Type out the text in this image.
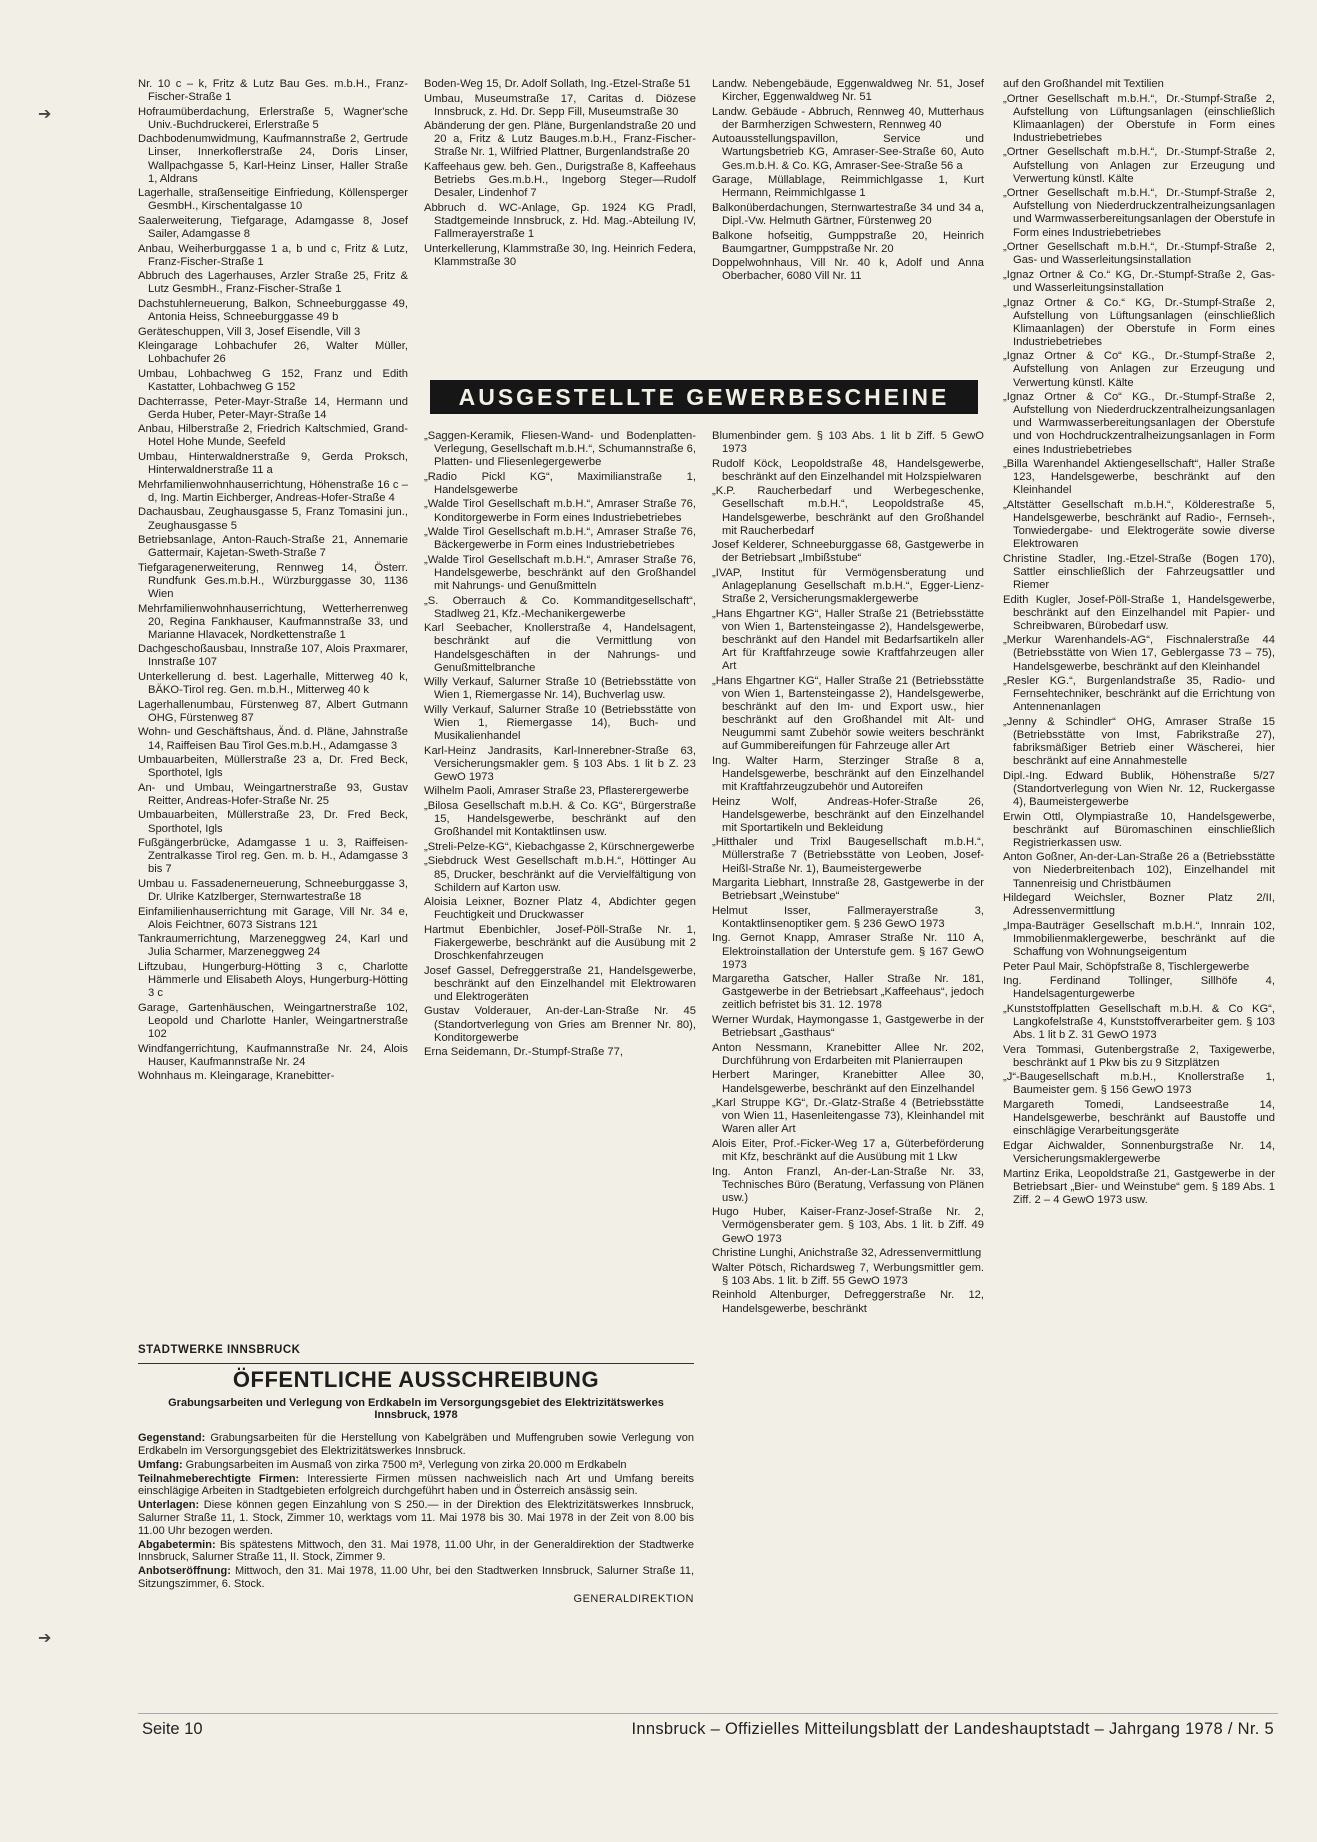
➔
➔

Nr. 10 c – k, Fritz & Lutz Bau Ges. m.b.H., Franz-Fischer-Straße 1

Hofraumüberdachung, Erlerstraße 5, Wagner'sche Univ.-Buchdruckerei, Erlerstraße 5

Dachbodenumwidmung, Kaufmannstraße 2, Gertrude Linser, Innerkoflerstraße 24, Doris Linser, Wallpachgasse 5, Karl-Heinz Linser, Haller Straße 1, Aldrans

Lagerhalle, straßenseitige Einfriedung, Köllensperger GesmbH., Kirschentalgasse 10

Saalerweiterung, Tiefgarage, Adamgasse 8, Josef Sailer, Adamgasse 8

Anbau, Weiherburggasse 1 a, b und c, Fritz & Lutz, Franz-Fischer-Straße 1

Abbruch des Lagerhauses, Arzler Straße 25, Fritz & Lutz GesmbH., Franz-Fischer-Straße 1

Dachstuhlerneuerung, Balkon, Schneeburggasse 49, Antonia Heiss, Schneeburggasse 49 b

Geräteschuppen, Vill 3, Josef Eisendle, Vill 3

Kleingarage Lohbachufer 26, Walter Müller, Lohbachufer 26

Umbau, Lohbachweg G 152, Franz und Edith Kastatter, Lohbachweg G 152

Dachterrasse, Peter-Mayr-Straße 14, Hermann und Gerda Huber, Peter-Mayr-Straße 14

Anbau, Hilberstraße 2, Friedrich Kaltschmied, Grand-Hotel Hohe Munde, Seefeld

Umbau, Hinterwaldnerstraße 9, Gerda Proksch, Hinterwaldnerstraße 11 a

Mehrfamilienwohnhauserrichtung, Höhenstraße 16 c – d, Ing. Martin Eichberger, Andreas-Hofer-Straße 4

Dachausbau, Zeughausgasse 5, Franz Tomasini jun., Zeughausgasse 5

Betriebsanlage, Anton-Rauch-Straße 21, Annemarie Gattermair, Kajetan-Sweth-Straße 7

Tiefgaragenerweiterung, Rennweg 14, Österr. Rundfunk Ges.m.b.H., Würzburggasse 30, 1136 Wien

Mehrfamilienwohnhauserrichtung, Wetterherrenweg 20, Regina Fankhauser, Kaufmannstraße 33, und Marianne Hlavacek, Nordkettenstraße 1

Dachgeschoßausbau, Innstraße 107, Alois Praxmarer, Innstraße 107

Unterkellerung d. best. Lagerhalle, Mitterweg 40 k, BÄKO-Tirol reg. Gen. m.b.H., Mitterweg 40 k

Lagerhallenumbau, Fürstenweg 87, Albert Gutmann OHG, Fürstenweg 87

Wohn- und Geschäftshaus, Änd. d. Pläne, Jahnstraße 14, Raiffeisen Bau Tirol Ges.m.b.H., Adamgasse 3

Umbauarbeiten, Müllerstraße 23 a, Dr. Fred Beck, Sporthotel, Igls

An- und Umbau, Weingartnerstraße 93, Gustav Reitter, Andreas-Hofer-Straße Nr. 25

Umbauarbeiten, Müllerstraße 23, Dr. Fred Beck, Sporthotel, Igls

Fußgängerbrücke, Adamgasse 1 u. 3, Raiffeisen-Zentralkasse Tirol reg. Gen. m. b. H., Adamgasse 3 bis 7

Umbau u. Fassadenerneuerung, Schneeburggasse 3, Dr. Ulrike Katzlberger, Sternwartestraße 18

Einfamilienhauserrichtung mit Garage, Vill Nr. 34 e, Alois Feichtner, 6073 Sistrans 121

Tankraumerrichtung, Marzeneggweg 24, Karl und Julia Scharmer, Marzeneggweg 24

Liftzubau, Hungerburg-Hötting 3 c, Charlotte Hämmerle und Elisabeth Aloys, Hungerburg-Hötting 3 c

Garage, Gartenhäuschen, Weingartnerstraße 102, Leopold und Charlotte Hanler, Weingartnerstraße 102

Windfangerrichtung, Kaufmannstraße Nr. 24, Alois Hauser, Kaufmannstraße Nr. 24

Wohnhaus m. Kleingarage, Kranebitter-

Boden-Weg 15, Dr. Adolf Sollath, Ing.-Etzel-Straße 51

Umbau, Museumstraße 17, Caritas d. Diözese Innsbruck, z. Hd. Dr. Sepp Fill, Museumstraße 30

Abänderung der gen. Pläne, Burgenlandstraße 20 und 20 a, Fritz & Lutz Bauges.m.b.H., Franz-Fischer-Straße Nr. 1, Wilfried Plattner, Burgenlandstraße 20

Kaffeehaus gew. beh. Gen., Durigstraße 8, Kaffeehaus Betriebs Ges.m.b.H., Ingeborg Steger—Rudolf Desaler, Lindenhof 7

Abbruch d. WC-Anlage, Gp. 1924 KG Pradl, Stadtgemeinde Innsbruck, z. Hd. Mag.-Abteilung IV, Fallmerayerstraße 1

Unterkellerung, Klammstraße 30, Ing. Heinrich Federa, Klammstraße 30

Landw. Nebengebäude, Eggenwaldweg Nr. 51, Josef Kircher, Eggenwaldweg Nr. 51

Landw. Gebäude - Abbruch, Rennweg 40, Mutterhaus der Barmherzigen Schwestern, Rennweg 40

Autoausstellungspavillon, Service und Wartungsbetrieb KG, Amraser-See-Straße 60, Auto Ges.m.b.H. & Co. KG, Amraser-See-Straße 56 a

Garage, Müllablage, Reimmichlgasse 1, Kurt Hermann, Reimmichlgasse 1

Balkonüberdachungen, Sternwartestraße 34 und 34 a, Dipl.-Vw. Helmuth Gärtner, Fürstenweg 20

Balkone hofseitig, Gumppstraße 20, Heinrich Baumgartner, Gumppstraße Nr. 20

Doppelwohnhaus, Vill Nr. 40 k, Adolf und Anna Oberbacher, 6080 Vill Nr. 11

AUSGESTELLTE GEWERBESCHEINE

„Saggen-Keramik, Fliesen-Wand- und Bodenplatten-Verlegung, Gesellschaft m.b.H.“, Schumannstraße 6, Platten- und Fliesenlegergewerbe

„Radio Pickl KG“, Maximilianstraße 1, Handelsgewerbe

„Walde Tirol Gesellschaft m.b.H.“, Amraser Straße 76, Konditorgewerbe in Form eines Industriebetriebes

„Walde Tirol Gesellschaft m.b.H.“, Amraser Straße 76, Bäckergewerbe in Form eines Industriebetriebes

„Walde Tirol Gesellschaft m.b.H.“, Amraser Straße 76, Handelsgewerbe, beschränkt auf den Großhandel mit Nahrungs- und Genußmitteln

„S. Oberrauch & Co. Kommanditgesellschaft“, Stadlweg 21, Kfz.-Mechanikergewerbe

Karl Seebacher, Knollerstraße 4, Handelsagent, beschränkt auf die Vermittlung von Handelsgeschäften in der Nahrungs- und Genußmittelbranche

Willy Verkauf, Salurner Straße 10 (Betriebsstätte von Wien 1, Riemergasse Nr. 14), Buchverlag usw.

Willy Verkauf, Salurner Straße 10 (Betriebsstätte von Wien 1, Riemergasse 14), Buch- und Musikalienhandel

Karl-Heinz Jandrasits, Karl-Innerebner-Straße 63, Versicherungsmakler gem. § 103 Abs. 1 lit b Z. 23 GewO 1973

Wilhelm Paoli, Amraser Straße 23, Pflasterergewerbe

„Bilosa Gesellschaft m.b.H. & Co. KG“, Bürgerstraße 15, Handelsgewerbe, beschränkt auf den Großhandel mit Kontaktlinsen usw.

„Streli-Pelze-KG“, Kiebachgasse 2, Kürschnergewerbe

„Siebdruck West Gesellschaft m.b.H.“, Höttinger Au 85, Drucker, beschränkt auf die Vervielfältigung von Schildern auf Karton usw.

Aloisia Leixner, Bozner Platz 4, Abdichter gegen Feuchtigkeit und Druckwasser

Hartmut Ebenbichler, Josef-Pöll-Straße Nr. 1, Fiakergewerbe, beschränkt auf die Ausübung mit 2 Droschkenfahrzeugen

Josef Gassel, Defreggerstraße 21, Handelsgewerbe, beschränkt auf den Einzelhandel mit Elektrowaren und Elektrogeräten

Gustav Volderauer, An-der-Lan-Straße Nr. 45 (Standortverlegung von Gries am Brenner Nr. 80), Konditorgewerbe

Erna Seidemann, Dr.-Stumpf-Straße 77,

Blumenbinder gem. § 103 Abs. 1 lit b Ziff. 5 GewO 1973

Rudolf Köck, Leopoldstraße 48, Handelsgewerbe, beschränkt auf den Einzelhandel mit Holzspielwaren

„K.P. Raucherbedarf und Werbegeschenke, Gesellschaft m.b.H.“, Leopoldstraße 45, Handelsgewerbe, beschränkt auf den Großhandel mit Raucherbedarf

Josef Kelderer, Schneeburggasse 68, Gastgewerbe in der Betriebsart „Imbißstube“

„IVAP, Institut für Vermögensberatung und Anlageplanung Gesellschaft m.b.H.“, Egger-Lienz-Straße 2, Versicherungsmaklergewerbe

„Hans Ehgartner KG“, Haller Straße 21 (Betriebsstätte von Wien 1, Bartensteingasse 2), Handelsgewerbe, beschränkt auf den Handel mit Bedarfsartikeln aller Art für Kraftfahrzeuge sowie Kraftfahrzeugen aller Art

„Hans Ehgartner KG“, Haller Straße 21 (Betriebsstätte von Wien 1, Bartensteingasse 2), Handelsgewerbe, beschränkt auf den Im- und Export usw., hier beschränkt auf den Großhandel mit Alt- und Neugummi samt Zubehör sowie weiters beschränkt auf Gummibereifungen für Fahrzeuge aller Art

Ing. Walter Harm, Sterzinger Straße 8 a, Handelsgewerbe, beschränkt auf den Einzelhandel mit Kraftfahrzeugzubehör und Autoreifen

Heinz Wolf, Andreas-Hofer-Straße 26, Handelsgewerbe, beschränkt auf den Einzelhandel mit Sportartikeln und Bekleidung

„Hitthaler und Trixl Baugesellschaft m.b.H.“, Müllerstraße 7 (Betriebsstätte von Leoben, Josef-Heißl-Straße Nr. 1), Baumeistergewerbe

Margarita Liebhart, Innstraße 28, Gastgewerbe in der Betriebsart „Weinstube“

Helmut Isser, Fallmerayerstraße 3, Kontaktlinsenoptiker gem. § 236 GewO 1973

Ing. Gernot Knapp, Amraser Straße Nr. 110 A, Elektroinstallation der Unterstufe gem. § 167 GewO 1973

Margaretha Gatscher, Haller Straße Nr. 181, Gastgewerbe in der Betriebsart „Kaffeehaus“, jedoch zeitlich befristet bis 31. 12. 1978

Werner Wurdak, Haymongasse 1, Gastgewerbe in der Betriebsart „Gasthaus“

Anton Nessmann, Kranebitter Allee Nr. 202, Durchführung von Erdarbeiten mit Planierraupen

Herbert Maringer, Kranebitter Allee 30, Handelsgewerbe, beschränkt auf den Einzelhandel

„Karl Struppe KG“, Dr.-Glatz-Straße 4 (Betriebsstätte von Wien 11, Hasenleitengasse 73), Kleinhandel mit Waren aller Art

Alois Eiter, Prof.-Ficker-Weg 17 a, Güterbeförderung mit Kfz, beschränkt auf die Ausübung mit 1 Lkw

Ing. Anton Franzl, An-der-Lan-Straße Nr. 33, Technisches Büro (Beratung, Verfassung von Plänen usw.)

Hugo Huber, Kaiser-Franz-Josef-Straße Nr. 2, Vermögensberater gem. § 103, Abs. 1 lit. b Ziff. 49 GewO 1973

Christine Lunghi, Anichstraße 32, Adressenvermittlung

Walter Pötsch, Richardsweg 7, Werbungsmittler gem. § 103 Abs. 1 lit. b Ziff. 55 GewO 1973

Reinhold Altenburger, Defreggerstraße Nr. 12, Handelsgewerbe, beschränkt

auf den Großhandel mit Textilien

„Ortner Gesellschaft m.b.H.“, Dr.-Stumpf-Straße 2, Aufstellung von Lüftungsanlagen (einschließlich Klimaanlagen) der Oberstufe in Form eines Industriebetriebes

„Ortner Gesellschaft m.b.H.“, Dr.-Stumpf-Straße 2, Aufstellung von Anlagen zur Erzeugung und Verwertung künstl. Kälte

„Ortner Gesellschaft m.b.H.“, Dr.-Stumpf-Straße 2, Aufstellung von Niederdruckzentralheizungsanlagen und Warmwasserbereitungsanlagen der Oberstufe in Form eines Industriebetriebes

„Ortner Gesellschaft m.b.H.“, Dr.-Stumpf-Straße 2, Gas- und Wasserleitungsinstallation

„Ignaz Ortner & Co.“ KG, Dr.-Stumpf-Straße 2, Gas- und Wasserleitungsinstallation

„Ignaz Ortner & Co.“ KG, Dr.-Stumpf-Straße 2, Aufstellung von Lüftungsanlagen (einschließlich Klimaanlagen) der Oberstufe in Form eines Industriebetriebes

„Ignaz Ortner & Co“ KG., Dr.-Stumpf-Straße 2, Aufstellung von Anlagen zur Erzeugung und Verwertung künstl. Kälte

„Ignaz Ortner & Co“ KG., Dr.-Stumpf-Straße 2, Aufstellung von Niederdruckzentralheizungsanlagen und Warmwasserbereitungsanlagen der Oberstufe und von Hochdruckzentralheizungsanlagen in Form eines Industriebetriebes

„Billa Warenhandel Aktiengesellschaft“, Haller Straße 123, Handelsgewerbe, beschränkt auf den Kleinhandel

„Altstätter Gesellschaft m.b.H.“, Kölderestraße 5, Handelsgewerbe, beschränkt auf Radio-, Fernseh-, Tonwiedergabe- und Elektrogeräte sowie diverse Elektrowaren

Christine Stadler, Ing.-Etzel-Straße (Bogen 170), Sattler einschließlich der Fahrzeugsattler und Riemer

Edith Kugler, Josef-Pöll-Straße 1, Handelsgewerbe, beschränkt auf den Einzelhandel mit Papier- und Schreibwaren, Bürobedarf usw.

„Merkur Warenhandels-AG“, Fischnalerstraße 44 (Betriebsstätte von Wien 17, Geblergasse 73 – 75), Handelsgewerbe, beschränkt auf den Kleinhandel

„Resler KG.“, Burgenlandstraße 35, Radio- und Fernsehtechniker, beschränkt auf die Errichtung von Antennenanlagen

„Jenny & Schindler“ OHG, Amraser Straße 15 (Betriebsstätte von Imst, Fabrikstraße 27), fabriksmäßiger Betrieb einer Wäscherei, hier beschränkt auf eine Annahmestelle

Dipl.-Ing. Edward Bublik, Höhenstraße 5/27 (Standortverlegung von Wien Nr. 12, Ruckergasse 4), Baumeistergewerbe

Erwin Ottl, Olympiastraße 10, Handelsgewerbe, beschränkt auf Büromaschinen einschließlich Registrierkassen usw.

Anton Goßner, An-der-Lan-Straße 26 a (Betriebsstätte von Niederbreitenbach 102), Einzelhandel mit Tannenreisig und Christbäumen

Hildegard Weichsler, Bozner Platz 2/II, Adressenvermittlung

„Impa-Bauträger Gesellschaft m.b.H.“, Innrain 102, Immobilienmaklergewerbe, beschränkt auf die Schaffung von Wohnungseigentum

Peter Paul Mair, Schöpfstraße 8, Tischlergewerbe

Ing. Ferdinand Tollinger, Sillhöfe 4, Handelsagenturgewerbe

„Kunststoffplatten Gesellschaft m.b.H. & Co KG“, Langkofelstraße 4, Kunststoffverarbeiter gem. § 103 Abs. 1 lit b Z. 31 GewO 1973

Vera Tommasi, Gutenbergstraße 2, Taxigewerbe, beschränkt auf 1 Pkw bis zu 9 Sitzplätzen

„J“-Baugesellschaft m.b.H., Knollerstraße 1, Baumeister gem. § 156 GewO 1973

Margareth Tomedi, Landseestraße 14, Handelsgewerbe, beschränkt auf Baustoffe und einschlägige Verarbeitungsgeräte

Edgar Aichwalder, Sonnenburgstraße Nr. 14, Versicherungsmaklergewerbe

Martinz Erika, Leopoldstraße 21, Gastgewerbe in der Betriebsart „Bier- und Weinstube“ gem. § 189 Abs. 1 Ziff. 2 – 4 GewO 1973 usw.

STADTWERKE INNSBRUCK
ÖFFENTLICHE AUSSCHREIBUNG
Grabungsarbeiten und Verlegung von Erdkabeln im Versorgungsgebiet des Elektrizitätswerkes Innsbruck, 1978

Gegenstand: Grabungsarbeiten für die Herstellung von Kabelgräben und Muffengruben sowie Verlegung von Erdkabeln im Versorgungsgebiet des Elektrizitätswerkes Innsbruck.

Umfang: Grabungsarbeiten im Ausmaß von zirka 7500 m³, Verlegung von zirka 20.000 m Erdkabeln

Teilnahmeberechtigte Firmen: Interessierte Firmen müssen nachweislich nach Art und Umfang bereits einschlägige Arbeiten in Stadtgebieten erfolgreich durchgeführt haben und in Österreich ansässig sein.

Unterlagen: Diese können gegen Einzahlung von S 250.— in der Direktion des Elektrizitätswerkes Innsbruck, Salurner Straße 11, 1. Stock, Zimmer 10, werktags vom 11. Mai 1978 bis 30. Mai 1978 in der Zeit von 8.00 bis 11.00 Uhr bezogen werden.

Abgabetermin: Bis spätestens Mittwoch, den 31. Mai 1978, 11.00 Uhr, in der Generaldirektion der Stadtwerke Innsbruck, Salurner Straße 11, II. Stock, Zimmer 9.

Anbotseröffnung: Mittwoch, den 31. Mai 1978, 11.00 Uhr, bei den Stadtwerken Innsbruck, Salurner Straße 11, Sitzungszimmer, 6. Stock.

GENERALDIREKTION
Seite 10	Innsbruck – Offizielles Mitteilungsblatt der Landeshauptstadt – Jahrgang 1978 / Nr. 5
